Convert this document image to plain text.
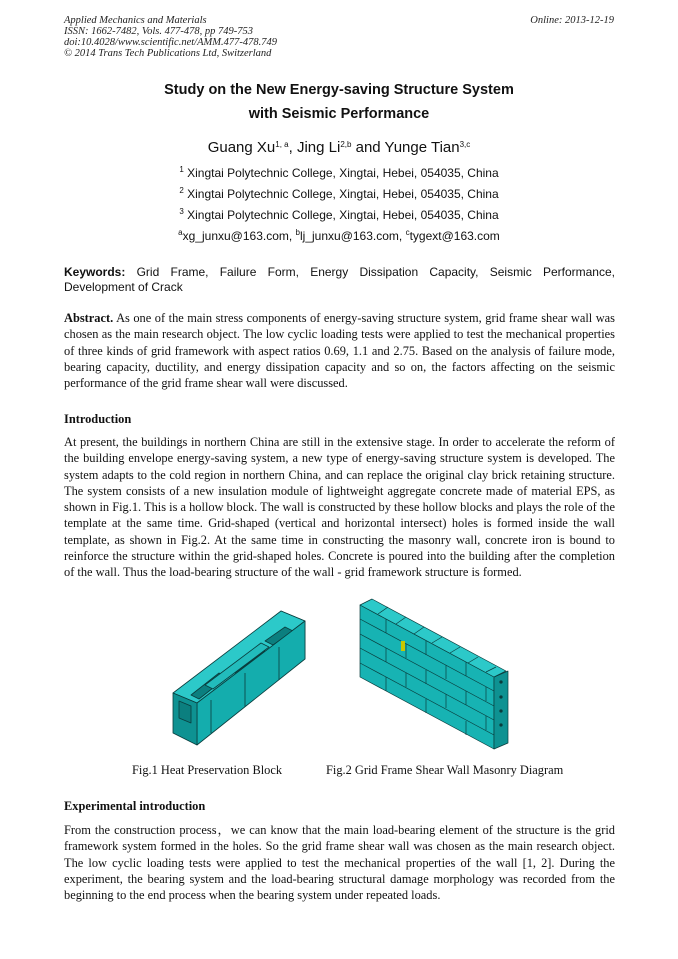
Applied Mechanics and Materials
ISSN: 1662-7482, Vols. 477-478, pp 749-753
doi:10.4028/www.scientific.net/AMM.477-478.749
© 2014 Trans Tech Publications Ltd, Switzerland
Online: 2013-12-19
Study on the New Energy-saving Structure System
with Seismic Performance
Guang Xu$^{1, a}$, Jing Li$^{2,b}$ and Yunge Tian$^{3,c}$
$^1$ Xingtai Polytechnic College, Xingtai, Hebei, 054035, China
$^2$ Xingtai Polytechnic College, Xingtai, Hebei, 054035, China
$^3$ Xingtai Polytechnic College, Xingtai, Hebei, 054035, China
$^a$xg_junxu@163.com, $^b$lj_junxu@163.com, $^c$tygext@163.com
Keywords: Grid Frame, Failure Form, Energy Dissipation Capacity, Seismic Performance, Development of Crack
Abstract. As one of the main stress components of energy-saving structure system, grid frame shear wall was chosen as the main research object. The low cyclic loading tests were applied to test the mechanical properties of three kinds of grid framework with aspect ratios 0.69, 1.1 and 2.75. Based on the analysis of failure mode, bearing capacity, ductility, and energy dissipation capacity and so on, the factors affecting on the seismic performance of the grid frame shear wall were discussed.
Introduction
At present, the buildings in northern China are still in the extensive stage. In order to accelerate the reform of the building envelope energy-saving system, a new type of energy-saving structure system is developed. The system adapts to the cold region in northern China, and can replace the original clay brick retaining structure. The system consists of a new insulation module of lightweight aggregate concrete made of material EPS, as shown in Fig.1. This is a hollow block. The wall is constructed by these hollow blocks and plays the role of the template at the same time. Grid-shaped (vertical and horizontal intersect) holes is formed inside the wall template, as shown in Fig.2. At the same time in constructing the masonry wall, concrete iron is bound to reinforce the structure within the grid-shaped holes. Concrete is poured into the building after the completion of the wall. Thus the load-bearing structure of the wall - grid framework structure is formed.
Fig.1 Heat Preservation Block	Fig.2 Grid Frame Shear Wall Masonry Diagram
Experimental introduction
From the construction process，we can know that the main load-bearing element of the structure is the grid framework system formed in the holes. So the grid frame shear wall was chosen as the main research object. The low cyclic loading tests were applied to test the mechanical properties of the wall [1, 2]. During the experiment, the bearing system and the load-bearing structural damage morphology was recorded from the beginning to the end process when the bearing system under repeated loads.
